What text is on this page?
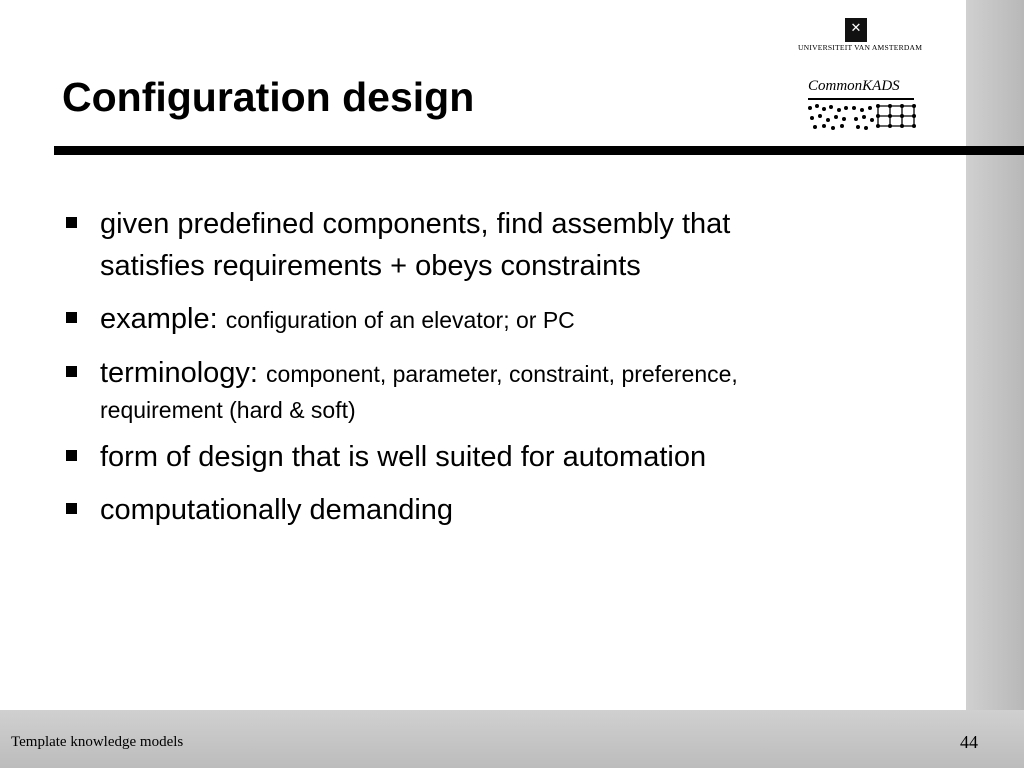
Configuration design
✕
UNIVERSITEIT VAN AMSTERDAM
CommonKADS
given predefined components, find assembly that
satisfies requirements + obeys constraints
example: configuration of an elevator; or PC
terminology: component, parameter, constraint, preference,
requirement (hard & soft)
form of design that is well suited for automation
computationally demanding
Template knowledge models	44
